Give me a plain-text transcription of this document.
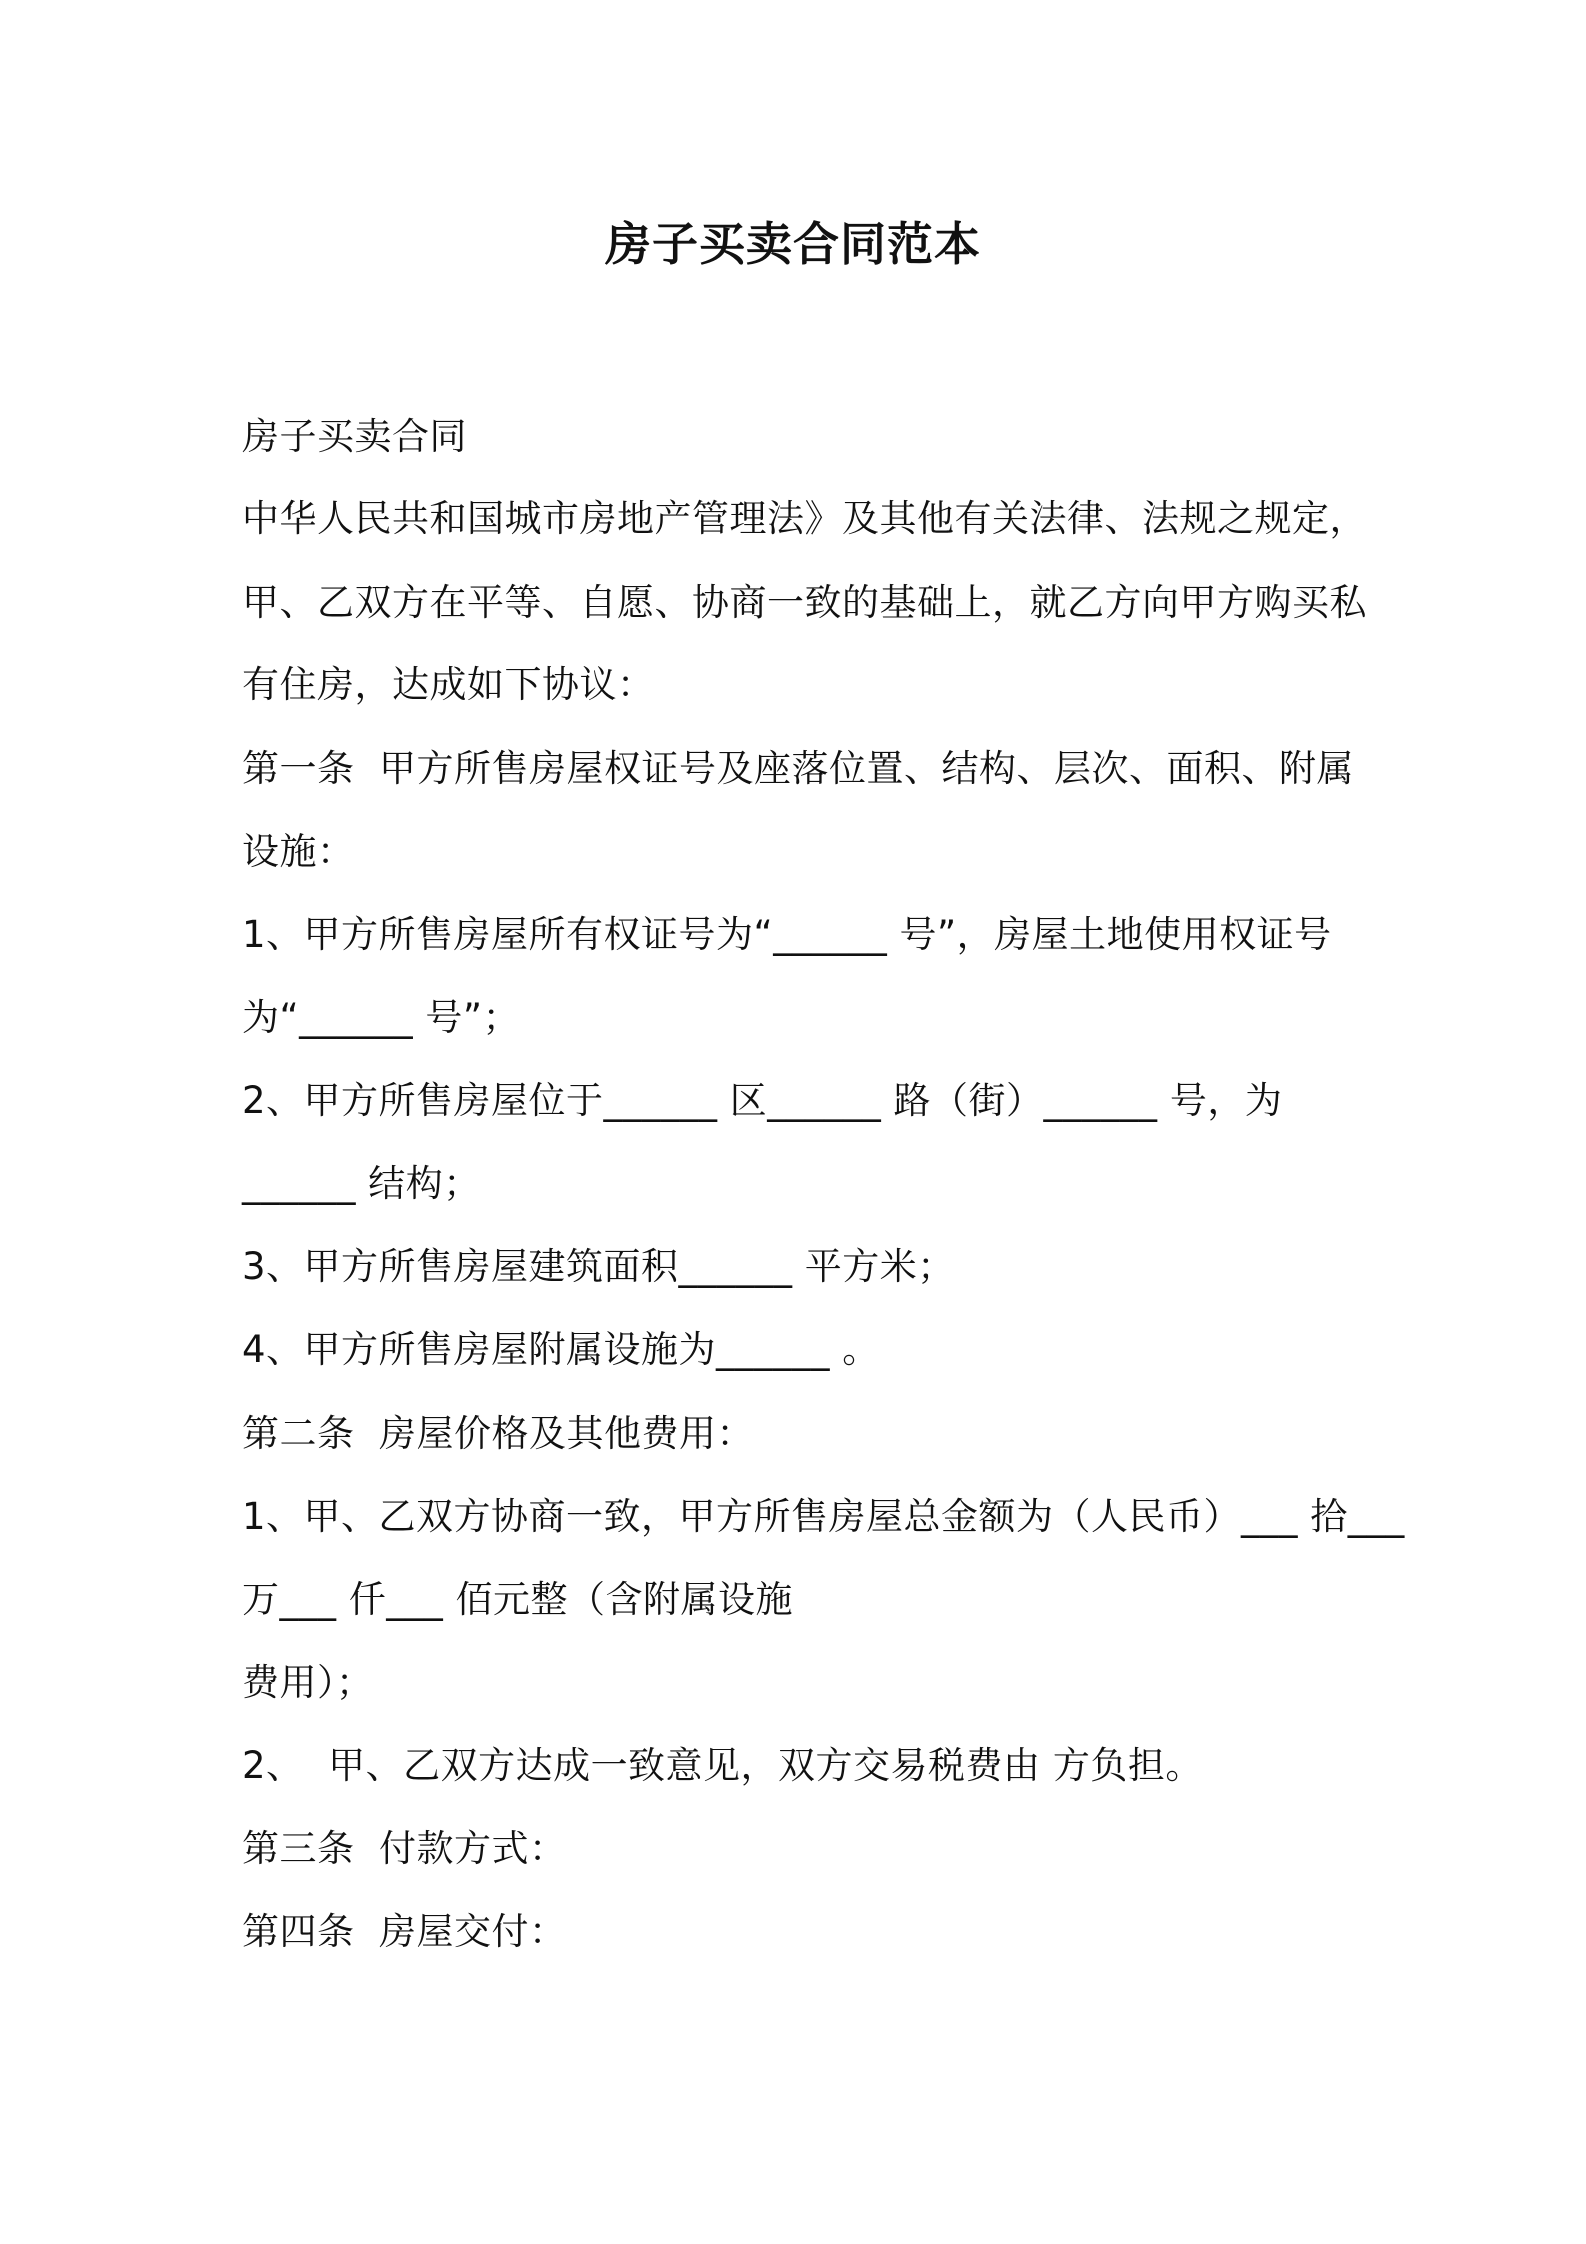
房子买卖合同范本
房子买卖合同
中华人民共和国城市房地产管理法》及其他有关法律、法规之规定，
甲、乙双方在平等、自愿、协商一致的基础上，就乙方向甲方购买私
有住房，达成如下协议：
第一条  甲方所售房屋权证号及座落位置、结构、层次、面积、附属
设施：
1、甲方所售房屋所有权证号为“______ 号”，房屋土地使用权证号
为“______ 号”；
2、甲方所售房屋位于______ 区______ 路（街）______ 号，为
______ 结构；
3、甲方所售房屋建筑面积______ 平方米；
4、甲方所售房屋附属设施为______ 。
第二条  房屋价格及其他费用：
1、甲、乙双方协商一致，甲方所售房屋总金额为（人民币）___ 拾___
万___ 仟___ 佰元整（含附属设施
费用）；
2、  甲、乙双方达成一致意见，双方交易税费由 方负担。
第三条  付款方式：
第四条  房屋交付：
